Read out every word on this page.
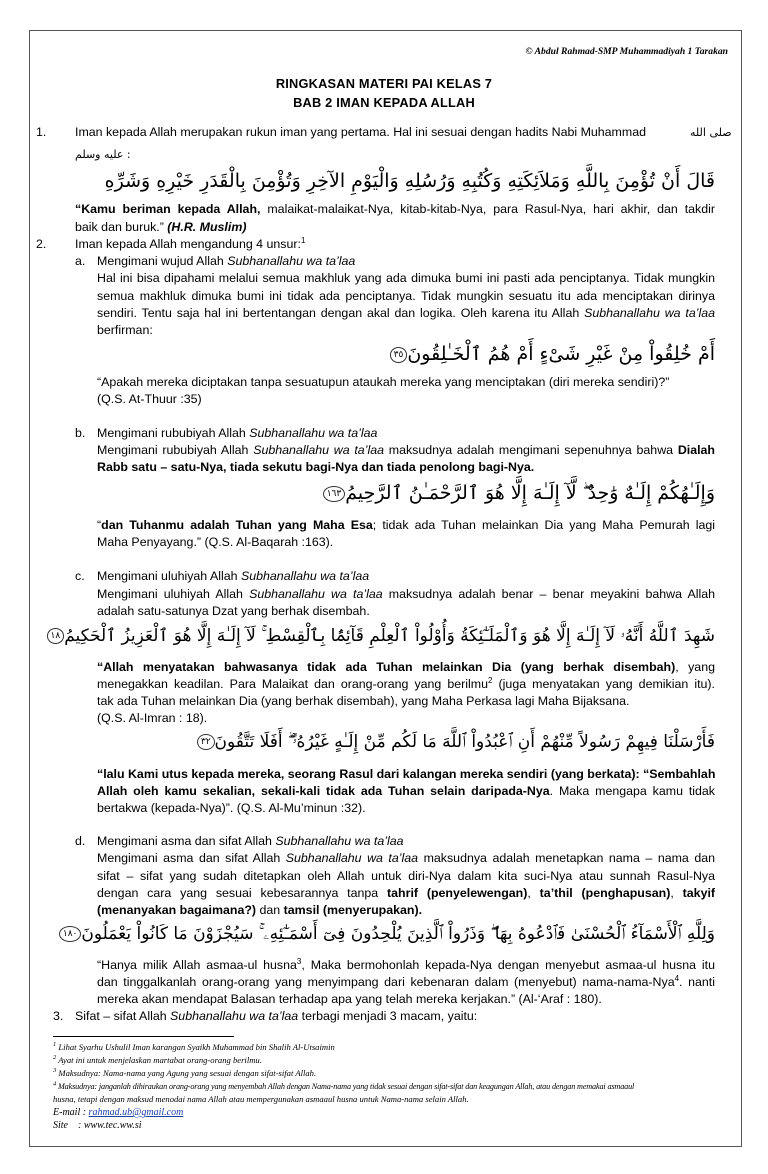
© Abdul Rahmad-SMP Muhammadiyah 1 Tarakan
RINGKASAN MATERI PAI KELAS 7
BAB 2 IMAN KEPADA ALLAH
1. Iman kepada Allah merupakan rukun iman yang pertama. Hal ini sesuai dengan hadits Nabi Muhammad	صلى الله
عليه وسلم :
قَالَ أَنْ تُؤْمِنَ بِاللَّهِ وَمَلاَئِكَتِهِ وَكُتُبِهِ وَرُسُلِهِ وَالْيَوْمِ الآخِرِ وَتُؤْمِنَ بِالْقَدَرِ خَيْرِهِ وَشَرِّهِ
“Kamu beriman kepada Allah, malaikat-malaikat-Nya, kitab-kitab-Nya, para Rasul-Nya, hari akhir, dan takdir
baik dan buruk.” (H.R. Muslim)
2. Iman kepada Allah mengandung 4 unsur:$^1$
a. Mengimani wujud Allah Subhanallahu wa ta’laa
Hal ini bisa dipahami melalui semua makhluk yang ada dimuka bumi ini pasti ada penciptanya. Tidak mungkin
semua makhluk dimuka bumi ini tidak ada penciptanya. Tidak mungkin sesuatu itu ada menciptakan dirinya
sendiri. Tentu saja hal ini bertentangan dengan akal dan logika. Oleh karena itu Allah Subhanallahu wa ta’laa
berfirman:
أَمْ خُلِقُواْ مِنْ غَيْرِ شَىْءٍ أَمْ هُمُ ٱلْخَـٰلِقُونَ٣٥
“Apakah mereka diciptakan tanpa sesuatupun ataukah mereka yang menciptakan (diri mereka sendiri)?”
(Q.S. At-Thuur :35)
b. Mengimani rububiyah Allah Subhanallahu wa ta’laa
Mengimani rububiyah Allah Subhanallahu wa ta’laa maksudnya adalah mengimani sepenuhnya bahwa Dialah
Rabb satu – satu-Nya, tiada sekutu bagi-Nya dan tiada penolong bagi-Nya.
وَإِلَـٰهُكُمْ إِلَـٰهٌ وَٰحِدٌ ۖ لَّآ إِلَـٰهَ إِلَّا هُوَ ٱلرَّحْمَـٰنُ ٱلرَّحِيمُ١٦٣
“dan Tuhanmu adalah Tuhan yang Maha Esa; tidak ada Tuhan melainkan Dia yang Maha Pemurah lagi
Maha Penyayang.” (Q.S. Al-Baqarah :163).
c. Mengimani uluhiyah Allah Subhanallahu wa ta’laa
Mengimani uluhiyah Allah Subhanallahu wa ta’laa maksudnya adalah benar – benar meyakini bahwa Allah
adalah satu-satunya Dzat yang berhak disembah.
شَهِدَ ٱللَّهُ أَنَّهُۥ لَآ إِلَـٰهَ إِلَّا هُوَ وَٱلْمَلَـٰٓئِكَةُ وَأُوْلُواْ ٱلْعِلْمِ قَآئِمًۢا بِٱلْقِسْطِ ۚ لَآ إِلَـٰهَ إِلَّا هُوَ ٱلْعَزِيزُ ٱلْحَكِيمُ١٨
“Allah menyatakan bahwasanya tidak ada Tuhan melainkan Dia (yang berhak disembah), yang
menegakkan keadilan. Para Malaikat dan orang-orang yang berilmu$^2$ (juga menyatakan yang demikian itu).
tak ada Tuhan melainkan Dia (yang berhak disembah), yang Maha Perkasa lagi Maha Bijaksana.
(Q.S. Al-Imran : 18).
فَأَرْسَلْنَا فِيهِمْ رَسُولاً مِّنْهُمْ أَنِ ٱعْبُدُواْ ٱللَّهَ مَا لَكُم مِّنْ إِلَـٰهٍ غَيْرُهُۥٓ ۖ أَفَلَا تَتَّقُونَ٣٢
“lalu Kami utus kepada mereka, seorang Rasul dari kalangan mereka sendiri (yang berkata): “Sembahlah
Allah oleh kamu sekalian, sekali-kali tidak ada Tuhan selain daripada-Nya. Maka mengapa kamu tidak
bertakwa (kepada-Nya)”. (Q.S. Al-Mu’minun :32).
d. Mengimani asma dan sifat Allah Subhanallahu wa ta’laa
Mengimani asma dan sifat Allah Subhanallahu wa ta’laa maksudnya adalah menetapkan nama – nama dan
sifat – sifat yang sudah ditetapkan oleh Allah untuk diri-Nya dalam kita suci-Nya atau sunnah Rasul-Nya
dengan cara yang sesuai kebesarannya tanpa tahrif (penyelewengan), ta’thil (penghapusan), takyif
(menanyakan bagaimana?) dan tamsil (menyerupakan).
وَلِلَّهِ ٱلْأَسْمَآءُ ٱلْحُسْنَىٰ فَٱدْعُوهُ بِهَا ۖ وَذَرُواْ ٱلَّذِينَ يُلْحِدُونَ فِىٓ أَسْمَـٰٓئِهِۦ ۚ سَيُجْزَوْنَ مَا كَانُواْ يَعْمَلُونَ١٨٠
“Hanya milik Allah asmaa-ul husna$^3$, Maka bermohonlah kepada-Nya dengan menyebut asmaa-ul husna itu
dan tinggalkanlah orang-orang yang menyimpang dari kebenaran dalam (menyebut) nama-nama-Nya$^4$. nanti
mereka akan mendapat Balasan terhadap apa yang telah mereka kerjakan.” (Al-‘Araf : 180).
3. Sifat – sifat Allah Subhanallahu wa ta’laa terbagi menjadi 3 macam, yaitu:
$^1$ Lihat Syarhu Ushulil Iman karangan Syaikh Muhammad bin Shalih Al-Utsaimin
$^2$ Ayat ini untuk menjelaskan martabat orang-orang berilmu.
$^3$ Maksudnya: Nama-nama yang Agung yang sesuai dengan sifat-sifat Allah.
$^4$ Maksudnya: janganlah dihiraukan orang-orang yang menyembah Allah dengan Nama-nama yang tidak sesuai dengan sifat-sifat dan keagungan Allah, atau dengan memakai asmaaul
husna, tetapi dengan maksud menodai nama Allah atau mempergunakan asmaaul husna untuk Nama-nama selain Allah.
E-mail : rahmad.ub@gmail.com
Site    : www.tec.ww.si
